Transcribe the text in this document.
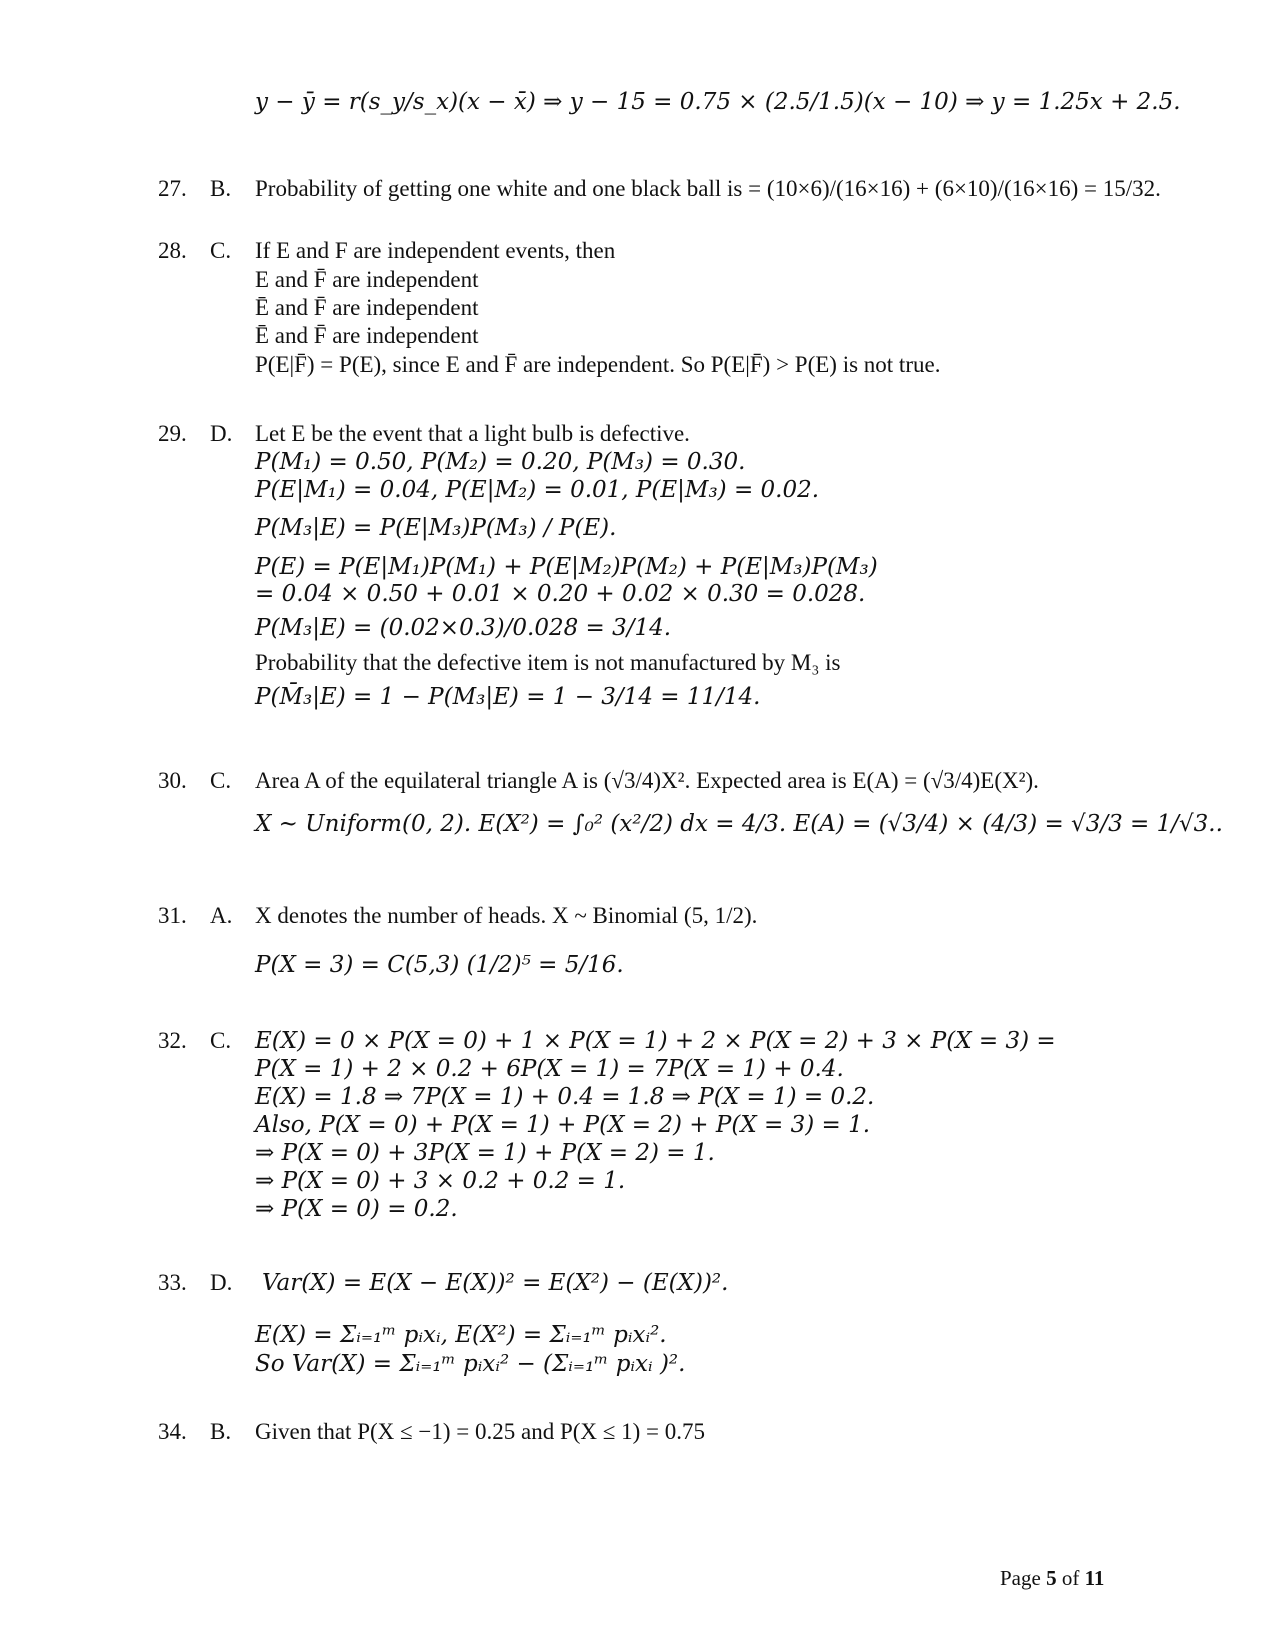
y − ȳ = r(s_y/s_x)(x − x̄) ⇒ y − 15 = 0.75 × (2.5/1.5)(x − 10) ⇒ y = 1.25x + 2.5.
27. B. Probability of getting one white and one black ball is = (10×6)/(16×16) + (6×10)/(16×16) = 15/32.
28. C. If E and F are independent events, then
E and F̄ are independent
Ē and F̄ are independent
Ē and F̄ are independent
P(E|F̄) = P(E), since E and F̄ are independent. So P(E|F̄) > P(E) is not true.
29. D. Let E be the event that a light bulb is defective.
P(M₁) = 0.50, P(M₂) = 0.20, P(M₃) = 0.30.
P(E|M₁) = 0.04, P(E|M₂) = 0.01, P(E|M₃) = 0.02.
P(M₃|E) = P(E|M₃)P(M₃) / P(E).
P(E) = P(E|M₁)P(M₁) + P(E|M₂)P(M₂) + P(E|M₃)P(M₃)
= 0.04 × 0.50 + 0.01 × 0.20 + 0.02 × 0.30 = 0.028.
P(M₃|E) = (0.02×0.3)/0.028 = 3/14.
Probability that the defective item is not manufactured by M₃ is
P(M̄₃|E) = 1 − P(M₃|E) = 1 − 3/14 = 11/14.
30. C. Area A of the equilateral triangle A is (√3/4)X². Expected area is E(A) = (√3/4)E(X²).
X ~ Uniform(0, 2). E(X²) = ∫₀² (x²/2) dx = 4/3. E(A) = (√3/4) × (4/3) = √3/3 = 1/√3..
31. A. X denotes the number of heads. X ~ Binomial (5, 1/2).
P(X = 3) = C(5,3) (1/2)⁵ = 5/16.
32. C. E(X) = 0 × P(X = 0) + 1 × P(X = 1) + 2 × P(X = 2) + 3 × P(X = 3) =
P(X = 1) + 2 × 0.2 + 6P(X = 1) = 7P(X = 1) + 0.4.
E(X) = 1.8 ⇒ 7P(X = 1) + 0.4 = 1.8 ⇒ P(X = 1) = 0.2.
Also, P(X = 0) + P(X = 1) + P(X = 2) + P(X = 3) = 1.
⇒ P(X = 0) + 3P(X = 1) + P(X = 2) = 1.
⇒ P(X = 0) + 3 × 0.2 + 0.2 = 1.
⇒ P(X = 0) = 0.2.
33. D. Var(X) = E(X − E(X))² = E(X²) − (E(X))².
E(X) = Σᵢ₌₁ᵐ pᵢxᵢ, E(X²) = Σᵢ₌₁ᵐ pᵢxᵢ².
So Var(X) = Σᵢ₌₁ᵐ pᵢxᵢ² − (Σᵢ₌₁ᵐ pᵢxᵢ )².
34. B. Given that P(X ≤ −1) = 0.25 and P(X ≤ 1) = 0.75
Page 5 of 11
